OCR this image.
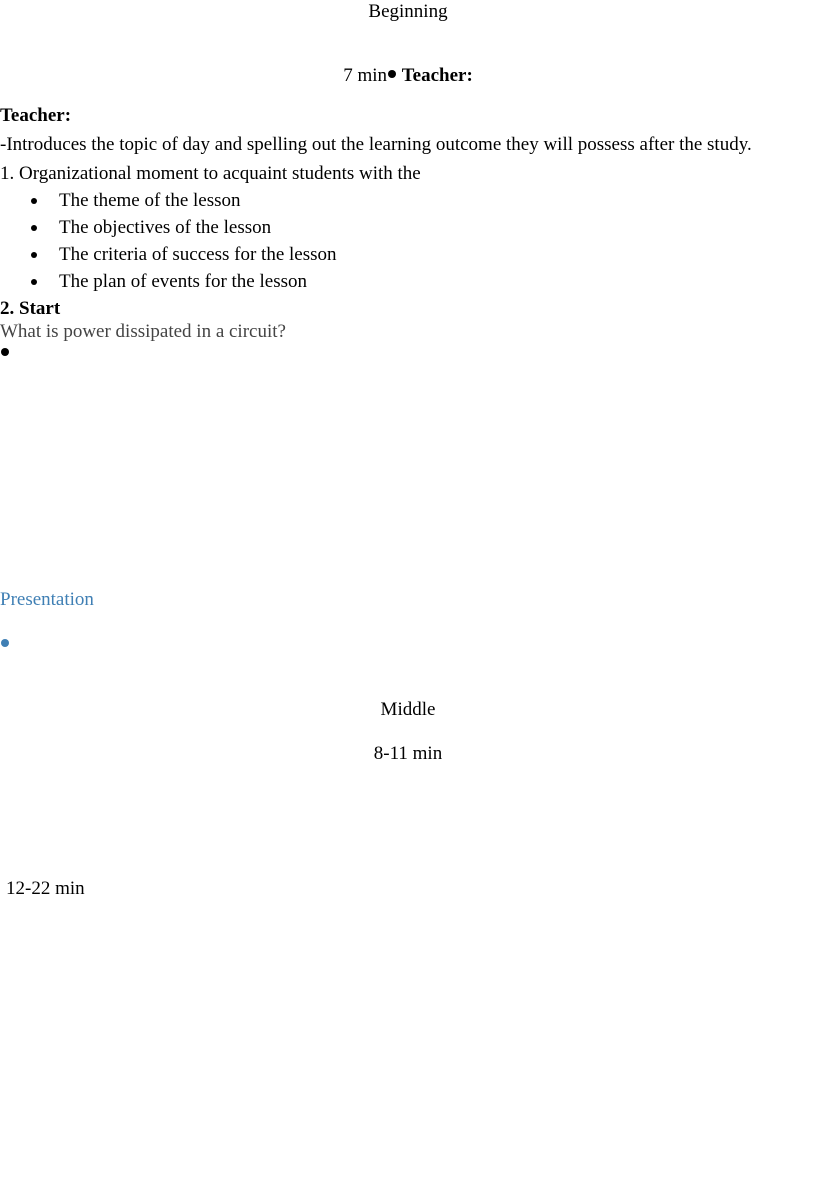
Beginning
7 min Teacher:
Teacher:
-Introduces the topic of day and spelling out the learning outcome they will possess after the study.
1. Organizational moment to acquaint students with the
The theme of the lesson
The objectives of the lesson
The criteria of success for the lesson
The plan of events for the lesson
2. Start
What is power dissipated in a circuit?
Presentation
Middle
8-11 min
12-22 min
